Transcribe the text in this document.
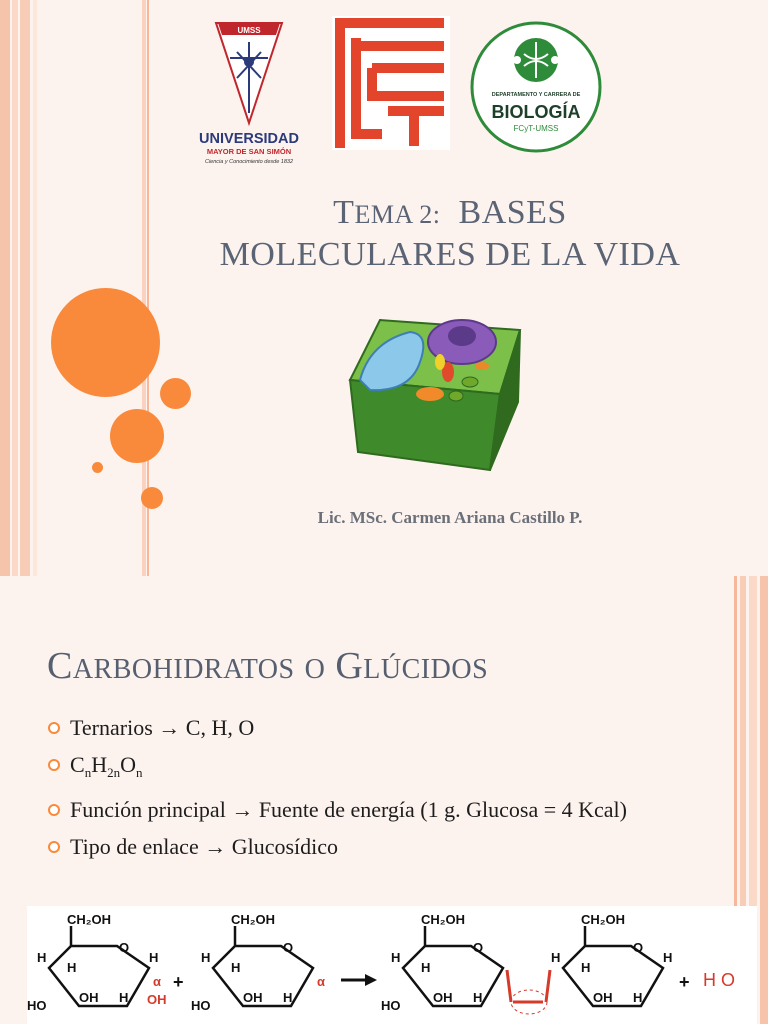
UMSS
UNIVERSIDAD
MAYOR DE SAN SIMÓN
Ciencia y Conocimiento desde 1832
DEPARTAMENTO Y CARRERA DE
BIOLOGÍA
FCyT-UMSS
TEMA 2: BASES
MOLECULARES DE LA VIDA
Lic. MSc. Carmen Ariana Castillo P.
CARBOHIDRATOS O GLÚCIDOS
Ternarios → C, H, O
$C_nH_{2n}O_n$
Función principal → Fuente de energía (1 g. Glucosa = 4 Kcal)
Tipo de enlace → Glucosídico
CH₂OH	CH₂OH	CH₂OH	CH₂OH
O	O	O	O
H
H
H	H
H
H
H
H
H
H
α	α
+	+
OH H OH	OH H	OH H	OH H
HO	HO	HO
H O
